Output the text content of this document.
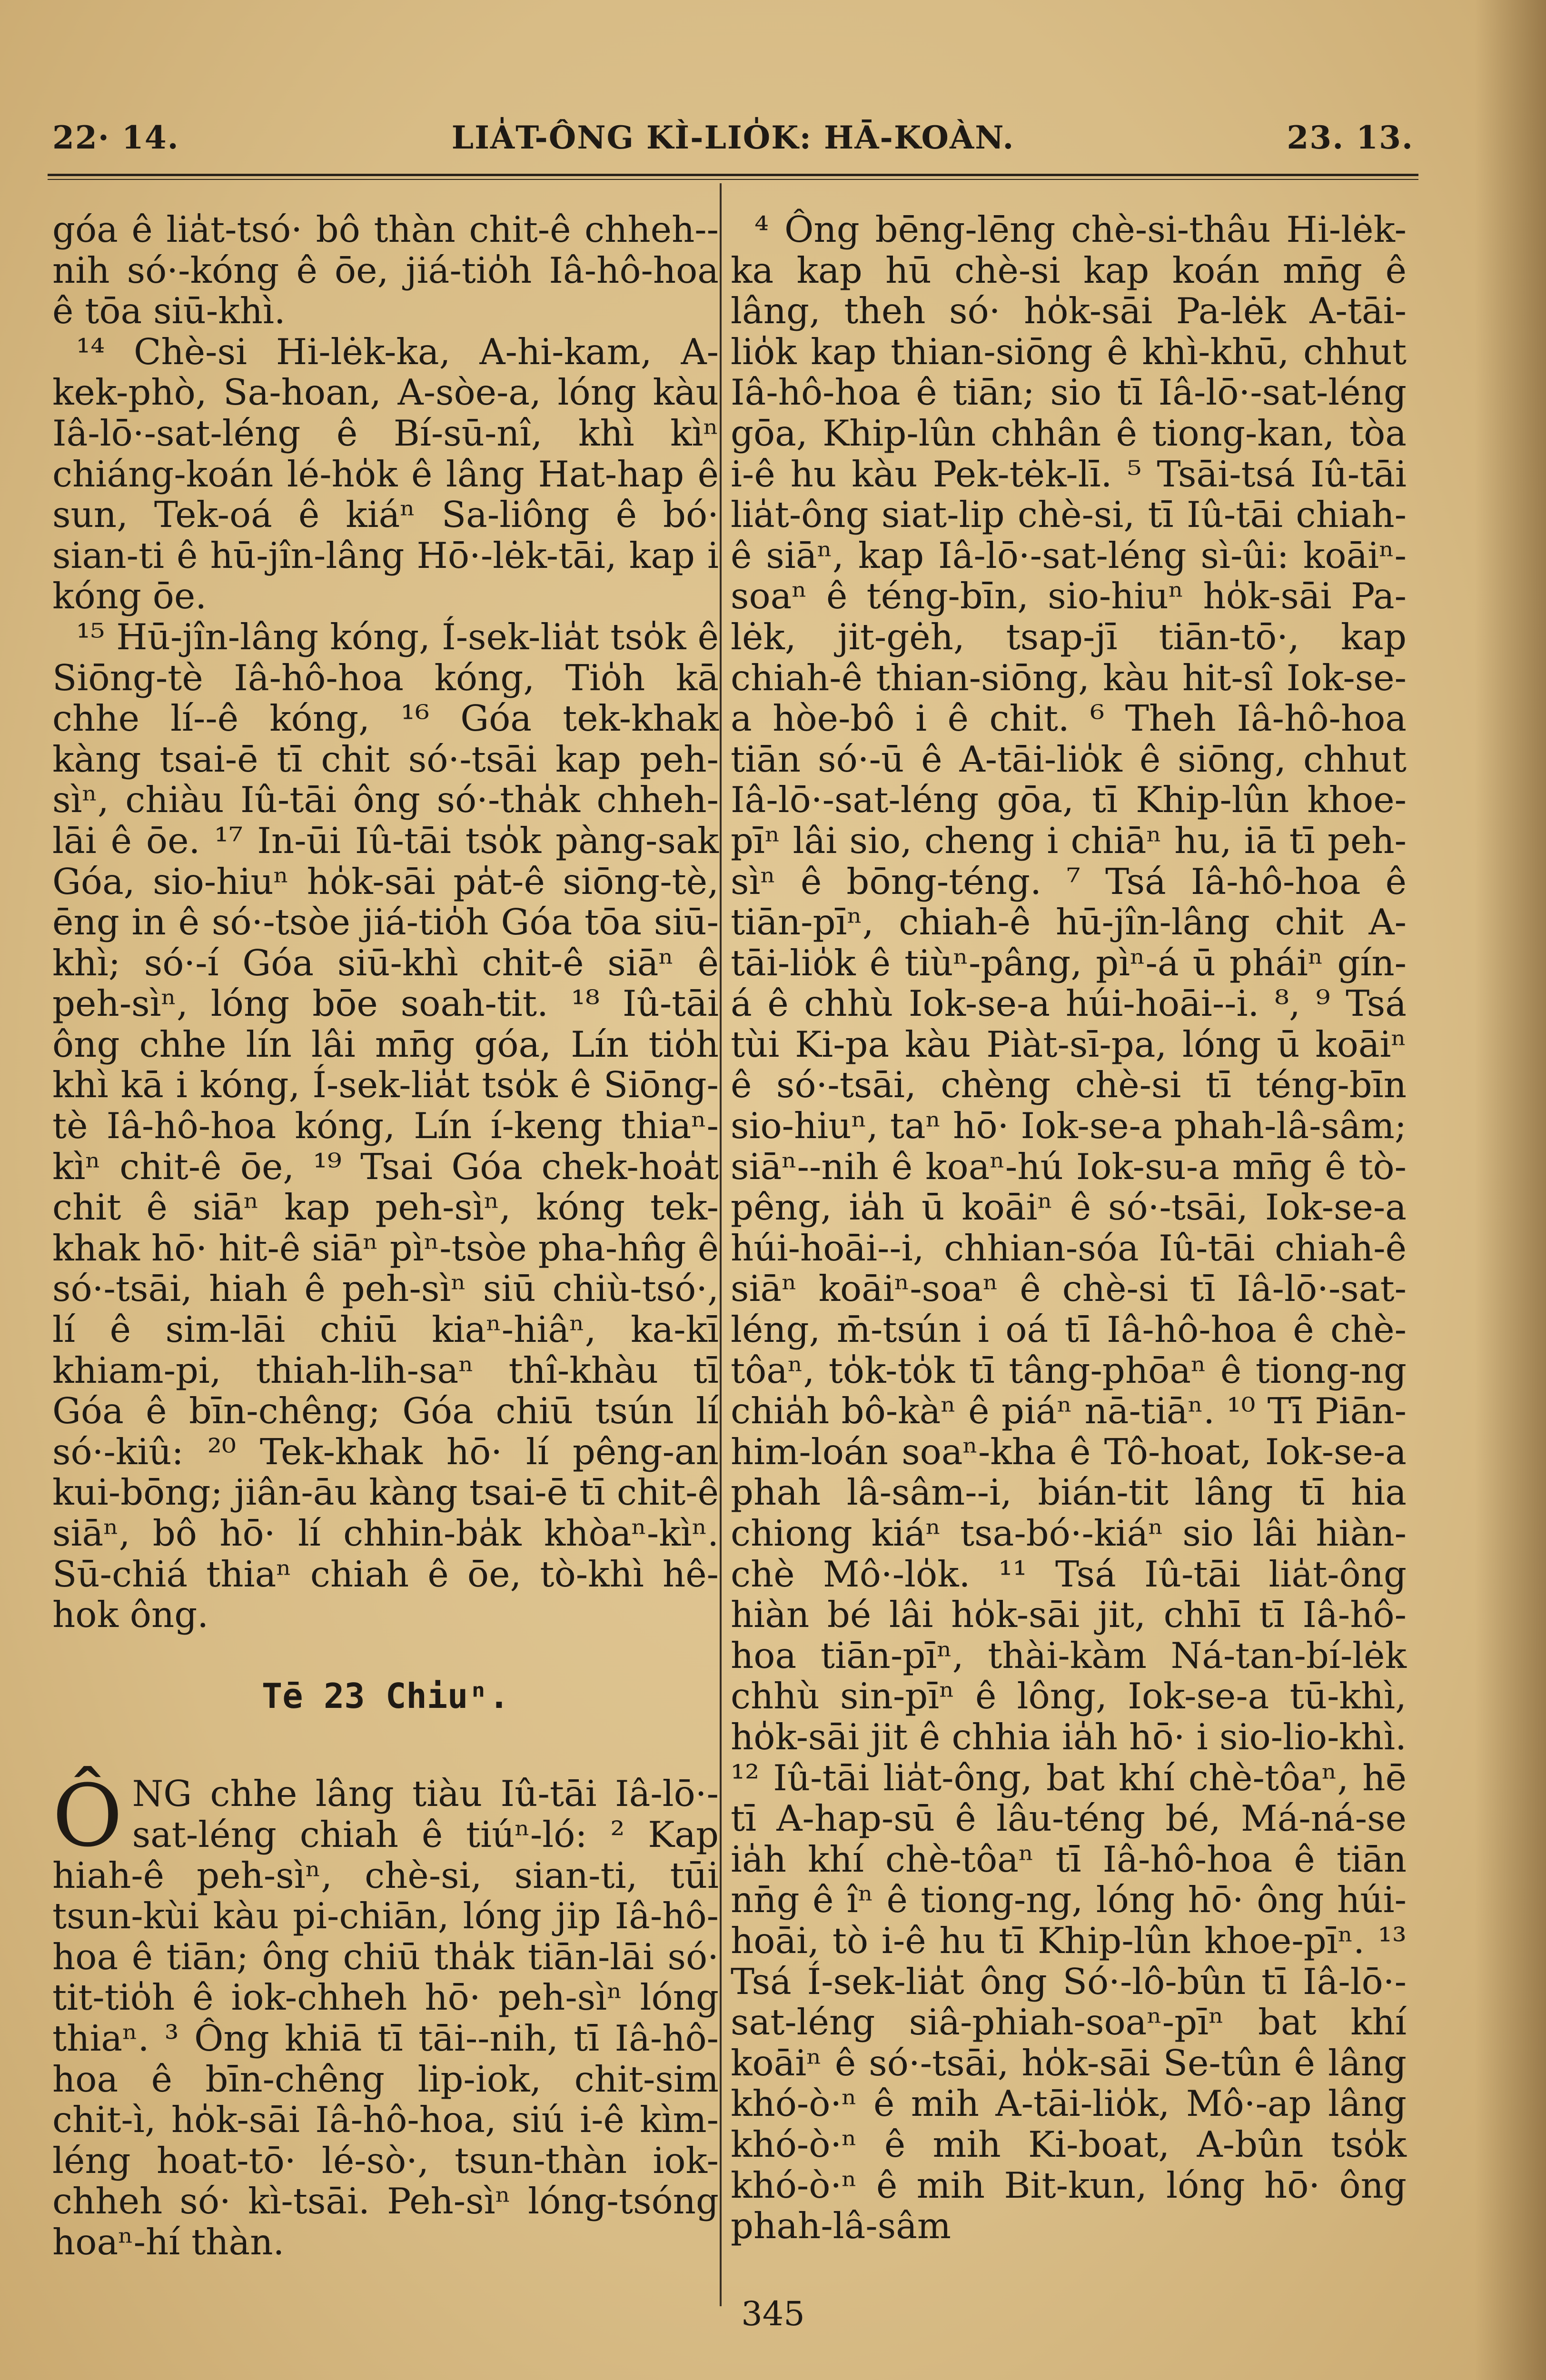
22· 14.	LIA̍T-ÔNG KÌ-LIO̍K: HĀ-KOÀN.	23. 13.

góa ê lia̍t-tsó· bô thàn chit-ê chheh--nih só·-kóng ê ōe, jiá-tio̍h Iâ-hô-hoa ê tōa siū-khì.

¹⁴ Chè-si Hi-lėk-ka, A-hi-kam, A-kek-phò, Sa-hoan, A-sòe-a, lóng kàu Iâ-lō·-sat-léng ê Bí-sū-nî, khì kìⁿ chiáng-koán lé-ho̍k ê lâng Hat-hap ê sun, Tek-oá ê kiáⁿ Sa-liông ê bó· sian-ti ê hū-jîn-lâng Hō·-lėk-tāi, kap i kóng ōe.

¹⁵ Hū-jîn-lâng kóng, Í-sek-lia̍t tso̍k ê Siōng-tè Iâ-hô-hoa kóng, Tio̍h kā chhe lí--ê kóng, ¹⁶ Góa tek-khak kàng tsai-ē tī chit só·-tsāi kap peh-sìⁿ, chiàu Iû-tāi ông só·-tha̍k chheh-lāi ê ōe. ¹⁷ In-ūi Iû-tāi tso̍k pàng-sak Góa, sio-hiuⁿ ho̍k-sāi pa̍t-ê siōng-tè, ēng in ê só·-tsòe jiá-tio̍h Góa tōa siū-khì; só·-í Góa siū-khì chit-ê siāⁿ ê peh-sìⁿ, lóng bōe soah-tit. ¹⁸ Iû-tāi ông chhe lín lâi mn̄g góa, Lín tio̍h khì kā i kóng, Í-sek-lia̍t tso̍k ê Siōng-tè Iâ-hô-hoa kóng, Lín í-keng thiaⁿ-kìⁿ chit-ê ōe, ¹⁹ Tsai Góa chek-hoa̍t chit ê siāⁿ kap peh-sìⁿ, kóng tek-khak hō· hit-ê siāⁿ pìⁿ-tsòe pha-hn̂g ê só·-tsāi, hiah ê peh-sìⁿ siū chiù-tsó·, lí ê sim-lāi chiū kiaⁿ-hiâⁿ, ka-kī khiam-pi, thiah-lih-saⁿ thî-khàu tī Góa ê bīn-chêng; Góa chiū tsún lí só·-kiû: ²⁰ Tek-khak hō· lí pêng-an kui-bōng; jiân-āu kàng tsai-ē tī chit-ê siāⁿ, bô hō· lí chhin-ba̍k khòaⁿ-kìⁿ. Sū-chiá thiaⁿ chiah ê ōe, tò-khì hê-hok ông.

Tē 23 Chiuⁿ.

Ô NG chhe lâng tiàu Iû-tāi Iâ-lō·-sat-léng chiah ê tiúⁿ-ló: ² Kap hiah-ê peh-sìⁿ, chè-si, sian-ti, tūi tsun-kùi kàu pi-chiān, lóng jip Iâ-hô-hoa ê tiān; ông chiū tha̍k tiān-lāi só· tit-tio̍h ê iok-chheh hō· peh-sìⁿ lóng thiaⁿ. ³ Ông khiā tī tāi--nih, tī Iâ-hô-hoa ê bīn-chêng lip-iok, chit-sim chit-ì, ho̍k-sāi Iâ-hô-hoa, siú i-ê kìm-léng hoat-tō· lé-sò·, tsun-thàn iok-chheh só· kì-tsāi. Peh-sìⁿ lóng-tsóng hoaⁿ-hí thàn.

⁴ Ông bēng-lēng chè-si-thâu Hi-lėk-ka kap hū chè-si kap koán mn̄g ê lâng, theh só· ho̍k-sāi Pa-lėk A-tāi-lio̍k kap thian-siōng ê khì-khū, chhut Iâ-hô-hoa ê tiān; sio tī Iâ-lō·-sat-léng gōa, Khip-lûn chhân ê tiong-kan, tòa i-ê hu kàu Pek-tėk-lī. ⁵ Tsāi-tsá Iû-tāi lia̍t-ông siat-lip chè-si, tī Iû-tāi chiah-ê siāⁿ, kap Iâ-lō·-sat-léng sì-ûi: koāiⁿ-soaⁿ ê téng-bīn, sio-hiuⁿ ho̍k-sāi Pa-lėk, jit-gėh, tsap-jī tiān-tō·, kap chiah-ê thian-siōng, kàu hit-sî Iok-se-a hòe-bô i ê chit. ⁶ Theh Iâ-hô-hoa tiān só·-ū ê A-tāi-lio̍k ê siōng, chhut Iâ-lō·-sat-léng gōa, tī Khip-lûn khoe-pīⁿ lâi sio, cheng i chiāⁿ hu, iā tī peh-sìⁿ ê bōng-téng. ⁷ Tsá Iâ-hô-hoa ê tiān-pīⁿ, chiah-ê hū-jîn-lâng chit A-tāi-lio̍k ê tiùⁿ-pâng, pìⁿ-á ū pháiⁿ gín-á ê chhù Iok-se-a húi-hoāi--i. ⁸, ⁹ Tsá tùi Ki-pa kàu Piàt-sī-pa, lóng ū koāiⁿ ê só·-tsāi, chèng chè-si tī téng-bīn sio-hiuⁿ, taⁿ hō· Iok-se-a phah-lâ-sâm; siāⁿ--nih ê koaⁿ-hú Iok-su-a mn̄g ê tò-pêng, ia̍h ū koāiⁿ ê só·-tsāi, Iok-se-a húi-hoāi--i, chhian-sóa Iû-tāi chiah-ê siāⁿ koāiⁿ-soaⁿ ê chè-si tī Iâ-lō·-sat-léng, m̄-tsún i oá tī Iâ-hô-hoa ê chè-tôaⁿ, to̍k-to̍k tī tâng-phōaⁿ ê tiong-ng chia̍h bô-kàⁿ ê piáⁿ nā-tiāⁿ. ¹⁰ Tī Piān-him-loán soaⁿ-kha ê Tô-hoat, Iok-se-a phah lâ-sâm--i, bián-tit lâng tī hia chiong kiáⁿ tsa-bó·-kiáⁿ sio lâi hiàn-chè Mô·-lo̍k. ¹¹ Tsá Iû-tāi lia̍t-ông hiàn bé lâi ho̍k-sāi jit, chhī tī Iâ-hô-hoa tiān-pīⁿ, thài-kàm Ná-tan-bí-lėk chhù sin-pīⁿ ê lông, Iok-se-a tū-khì, ho̍k-sāi jit ê chhia ia̍h hō· i sio-lio-khì. ¹² Iû-tāi lia̍t-ông, bat khí chè-tôaⁿ, hē tī A-hap-sū ê lâu-téng bé, Má-ná-se ia̍h khí chè-tôaⁿ tī Iâ-hô-hoa ê tiān nn̄g ê îⁿ ê tiong-ng, lóng hō· ông húi-hoāi, tò i-ê hu tī Khip-lûn khoe-pīⁿ. ¹³ Tsá Í-sek-lia̍t ông Só·-lô-bûn tī Iâ-lō·-sat-léng siâ-phiah-soaⁿ-pīⁿ bat khí koāiⁿ ê só·-tsāi, ho̍k-sāi Se-tûn ê lâng khó-ò·ⁿ ê mih A-tāi-lio̍k, Mô·-ap lâng khó-ò·ⁿ ê mih Ki-boat, A-bûn tso̍k khó-ò·ⁿ ê mih Bit-kun, lóng hō· ông phah-lâ-sâm

345
